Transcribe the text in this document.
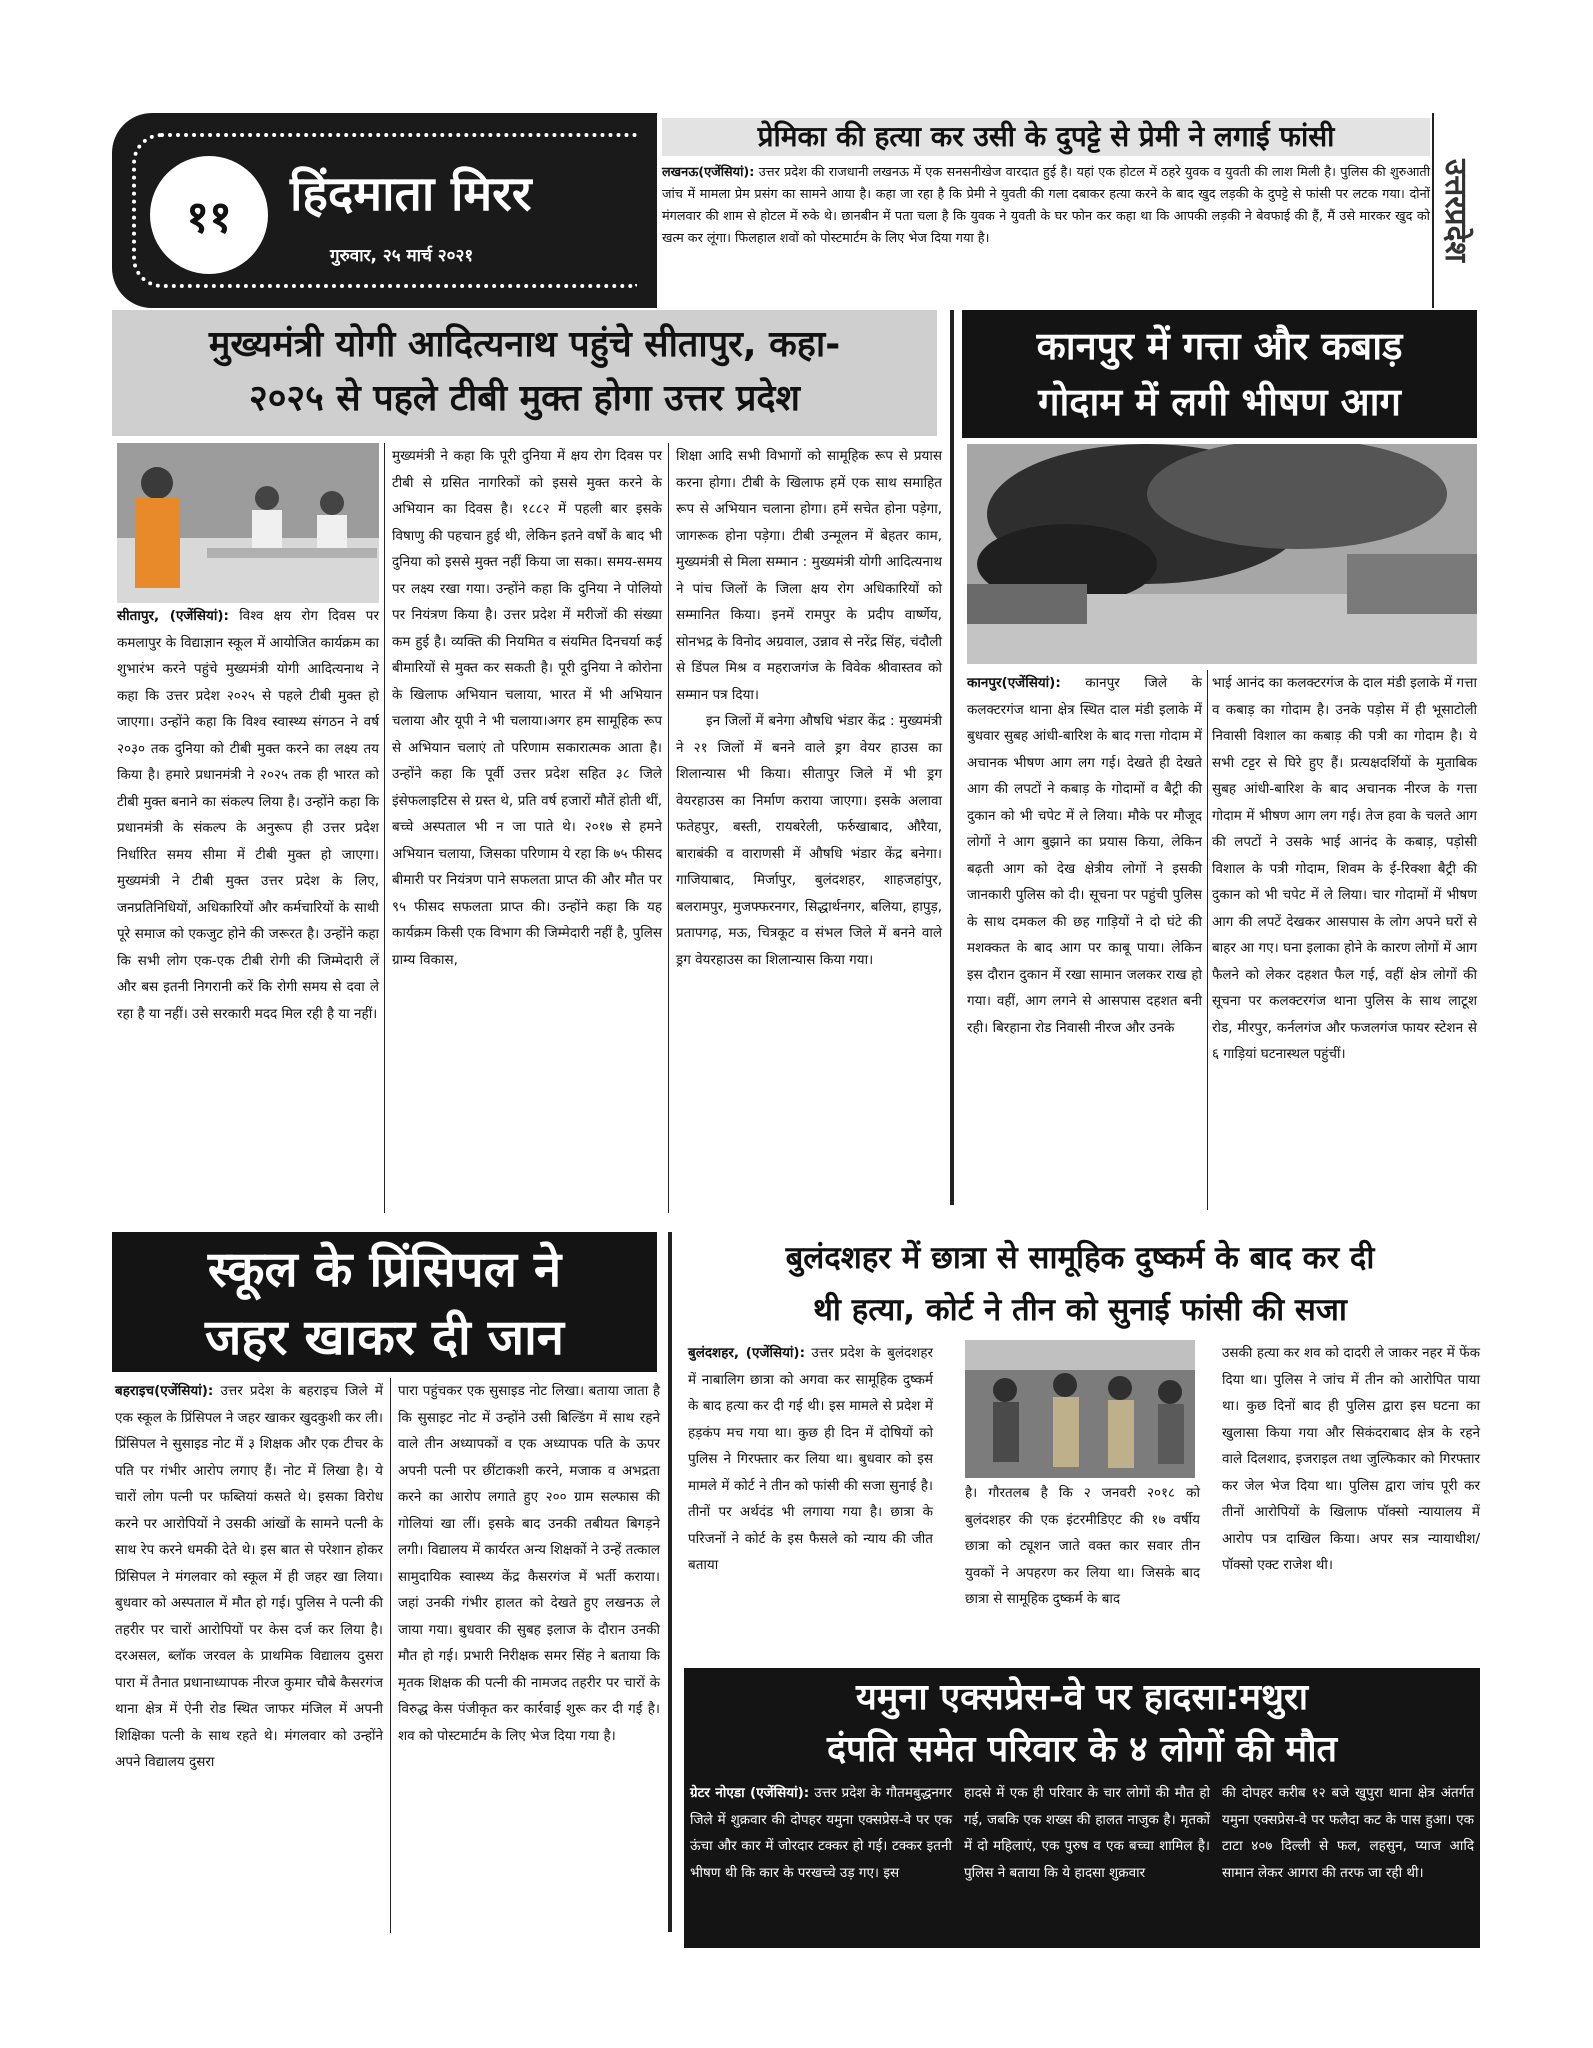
११	हिंदमाता मिरर
गुरुवार, २५ मार्च २०२१
प्रेमिका की हत्या कर उसी के दुपट्टे से प्रेमी ने लगाई फांसी
लखनऊ(एजेंसियां): उत्तर प्रदेश की राजधानी लखनऊ में एक सनसनीखेज वारदात हुई है। यहां एक होटल में ठहरे युवक व युवती की लाश मिली है। पुलिस की शुरुआती जांच में मामला प्रेम प्रसंग का सामने आया है। कहा जा रहा है कि प्रेमी ने युवती की गला दबाकर हत्या करने के बाद खुद लड़की के दुपट्टे से फांसी पर लटक गया। दोनों मंगलवार की शाम से होटल में रुके थे। छानबीन में पता चला है कि युवक ने युवती के घर फोन कर कहा था कि आपकी लड़की ने बेवफाई की हैं, मैं उसे मारकर खुद को खत्म कर लूंगा। फिलहाल शवों को पोस्टमार्टम के लिए भेज दिया गया है।	उत्तरप्रदेश
मुख्यमंत्री योगी आदित्यनाथ पहुंचे सीतापुर, कहा-
२०२५ से पहले टीबी मुक्त होगा उत्तर प्रदेश
सीतापुर, (एजेंसियां): विश्व क्षय रोग दिवस पर कमलापुर के विद्याज्ञान स्कूल में आयोजित कार्यक्रम का शुभारंभ करने पहुंचे मुख्यमंत्री योगी आदित्यनाथ ने कहा कि उत्तर प्रदेश २०२५ से पहले टीबी मुक्त हो जाएगा। उन्होंने कहा कि विश्व स्वास्थ्य संगठन ने वर्ष २०३० तक दुनिया को टीबी मुक्त करने का लक्ष्य तय किया है। हमारे प्रधानमंत्री ने २०२५ तक ही भारत को टीबी मुक्त बनाने का संकल्प लिया है। उन्होंने कहा कि प्रधानमंत्री के संकल्प के अनुरूप ही उत्तर प्रदेश निर्धारित समय सीमा में टीबी मुक्त हो जाएगा। मुख्यमंत्री ने टीबी मुक्त उत्तर प्रदेश के लिए, जनप्रतिनिधियों, अधिकारियों और कर्मचारियों के साथी पूरे समाज को एकजुट होने की जरूरत है। उन्होंने कहा कि सभी लोग एक-एक टीबी रोगी की जिम्मेदारी लें और बस इतनी निगरानी करें कि रोगी समय से दवा ले रहा है या नहीं। उसे सरकारी मदद मिल रही है या नहीं।
मुख्यमंत्री ने कहा कि पूरी दुनिया में क्षय रोग दिवस पर टीबी से ग्रसित नागरिकों को इससे मुक्त करने के अभियान का दिवस है। १८८२ में पहली बार इसके विषाणु की पहचान हुई थी, लेकिन इतने वर्षों के बाद भी दुनिया को इससे मुक्त नहीं किया जा सका। समय-समय पर लक्ष्य रखा गया। उन्होंने कहा कि दुनिया ने पोलियो पर नियंत्रण किया है। उत्तर प्रदेश में मरीजों की संख्या कम हुई है। व्यक्ति की नियमित व संयमित दिनचर्या कई बीमारियों से मुक्त कर सकती है। पूरी दुनिया ने कोरोना के खिलाफ अभियान चलाया, भारत में भी अभियान चलाया और यूपी ने भी चलाया।अगर हम सामूहिक रूप से अभियान चलाएं तो परिणाम सकारात्मक आता है। उन्होंने कहा कि पूर्वी उत्तर प्रदेश सहित ३८ जिले इंसेफलाइटिस से ग्रस्त थे, प्रति वर्ष हजारों मौतें होती थीं, बच्चे अस्पताल भी न जा पाते थे। २०१७ से हमने अभियान चलाया, जिसका परिणाम ये रहा कि ७५ फीसद बीमारी पर नियंत्रण पाने सफलता प्राप्त की और मौत पर ९५ फीसद सफलता प्राप्त की। उन्होंने कहा कि यह कार्यक्रम किसी एक विभाग की जिम्मेदारी नहीं है, पुलिस ग्राम्य विकास,
शिक्षा आदि सभी विभागों को सामूहिक रूप से प्रयास करना होगा। टीबी के खिलाफ हमें एक साथ समाहित रूप से अभियान चलाना होगा। हमें सचेत होना पड़ेगा, जागरूक होना पड़ेगा। टीबी उन्मूलन में बेहतर काम, मुख्यमंत्री से मिला सम्मान : मुख्यमंत्री योगी आदित्यनाथ ने पांच जिलों के जिला क्षय रोग अधिकारियों को सम्मानित किया। इनमें रामपुर के प्रदीप वार्ष्णेय, सोनभद्र के विनोद अग्रवाल, उन्नाव से नरेंद्र सिंह, चंदौली से डिंपल मिश्र व महराजगंज के विवेक श्रीवास्तव को सम्मान पत्र दिया।
इन जिलों में बनेगा औषधि भंडार केंद्र : मुख्यमंत्री ने २१ जिलों में बनने वाले ड्रग वेयर हाउस का शिलान्यास भी किया। सीतापुर जिले में भी ड्रग वेयरहाउस का निर्माण कराया जाएगा। इसके अलावा फतेहपुर, बस्ती, रायबरेली, फर्रुखाबाद, औरैया, बाराबंकी व वाराणसी में औषधि भंडार केंद्र बनेगा। गाजियाबाद, मिर्जापुर, बुलंदशहर, शाहजहांपुर, बलरामपुर, मुजफ्फरनगर, सिद्धार्थनगर, बलिया, हापुड़, प्रतापगढ़, मऊ, चित्रकूट व संभल जिले में बनने वाले ड्रग वेयरहाउस का शिलान्यास किया गया।
कानपुर में गत्ता और कबाड़
गोदाम में लगी भीषण आग
कानपुर(एजेंसियां): कानपुर जिले के कलक्टरगंज थाना क्षेत्र स्थित दाल मंडी इलाके में बुधवार सुबह आंधी-बारिश के बाद गत्ता गोदाम में अचानक भीषण आग लग गई। देखते ही देखते आग की लपटों ने कबाड़ के गोदामों व बैट्री की दुकान को भी चपेट में ले लिया। मौके पर मौजूद लोगों ने आग बुझाने का प्रयास किया, लेकिन बढ़ती आग को देख क्षेत्रीय लोगों ने इसकी जानकारी पुलिस को दी। सूचना पर पहुंची पुलिस के साथ दमकल की छह गाड़ियों ने दो घंटे की मशक्कत के बाद आग पर काबू पाया। लेकिन इस दौरान दुकान में रखा सामान जलकर राख हो गया। वहीं, आग लगने से आसपास दहशत बनी रही। बिरहाना रोड निवासी नीरज और उनके
भाई आनंद का कलक्टरगंज के दाल मंडी इलाके में गत्ता व कबाड़ का गोदाम है। उनके पड़ोस में ही भूसाटोली निवासी विशाल का कबाड़ की पत्री का गोदाम है। ये सभी टट्टर से घिरे हुए हैं। प्रत्यक्षदर्शियों के मुताबिक सुबह आंधी-बारिश के बाद अचानक नीरज के गत्ता गोदाम में भीषण आग लग गई। तेज हवा के चलते आग की लपटों ने उसके भाई आनंद के कबाड़, पड़ोसी विशाल के पत्री गोदाम, शिवम के ई-रिक्शा बैट्री की दुकान को भी चपेट में ले लिया। चार गोदामों में भीषण आग की लपटें देखकर आसपास के लोग अपने घरों से बाहर आ गए। घना इलाका होने के कारण लोगों में आग फैलने को लेकर दहशत फैल गई, वहीं क्षेत्र लोगों की सूचना पर कलक्टरगंज थाना पुलिस के साथ लाटूश रोड, मीरपुर, कर्नलगंज और फजलगंज फायर स्टेशन से ६ गाड़ियां घटनास्थल पहुंचीं।
स्कूल के प्रिंसिपल ने
जहर खाकर दी जान
बहराइच(एजेंसियां): उत्तर प्रदेश के बहराइच जिले में एक स्कूल के प्रिंसिपल ने जहर खाकर खुदकुशी कर ली। प्रिंसिपल ने सुसाइड नोट में ३ शिक्षक और एक टीचर के पति पर गंभीर आरोप लगाए हैं। नोट में लिखा है। ये चारों लोग पत्नी पर फब्तियां कसते थे। इसका विरोध करने पर आरोपियों ने उसकी आंखों के सामने पत्नी के साथ रेप करने धमकी देते थे। इस बात से परेशान होकर प्रिंसिपल ने मंगलवार को स्कूल में ही जहर खा लिया। बुधवार को अस्पताल में मौत हो गई। पुलिस ने पत्नी की तहरीर पर चारों आरोपियों पर केस दर्ज कर लिया है। दरअसल, ब्लॉक जरवल के प्राथमिक विद्यालय दुसरा पारा में तैनात प्रधानाध्यापक नीरज कुमार चौबे कैसरगंज थाना क्षेत्र में ऐनी रोड स्थित जाफर मंजिल में अपनी शिक्षिका पत्नी के साथ रहते थे। मंगलवार को उन्होंने अपने विद्यालय दुसरा
पारा पहुंचकर एक सुसाइड नोट लिखा। बताया जाता है कि सुसाइट नोट में उन्होंने उसी बिल्डिंग में साथ रहने वाले तीन अध्यापकों व एक अध्यापक पति के ऊपर अपनी पत्नी पर छींटाकशी करने, मजाक व अभद्रता करने का आरोप लगाते हुए २०० ग्राम सल्फास की गोलियां खा लीं। इसके बाद उनकी तबीयत बिगड़ने लगी। विद्यालय में कार्यरत अन्य शिक्षकों ने उन्हें तत्काल सामुदायिक स्वास्थ्य केंद्र कैसरगंज में भर्ती कराया। जहां उनकी गंभीर हालत को देखते हुए लखनऊ ले जाया गया। बुधवार की सुबह इलाज के दौरान उनकी मौत हो गई। प्रभारी निरीक्षक समर सिंह ने बताया कि मृतक शिक्षक की पत्नी की नामजद तहरीर पर चारों के विरुद्ध केस पंजीकृत कर कार्रवाई शुरू कर दी गई है। शव को पोस्टमार्टम के लिए भेज दिया गया है।
बुलंदशहर में छात्रा से सामूहिक दुष्कर्म के बाद कर दी
थी हत्या, कोर्ट ने तीन को सुनाई फांसी की सजा
बुलंदशहर, (एजेंसियां): उत्तर प्रदेश के बुलंदशहर में नाबालिग छात्रा को अगवा कर सामूहिक दुष्कर्म के बाद हत्या कर दी गई थी। इस मामले से प्रदेश में हड़कंप मच गया था। कुछ ही दिन में दोषियों को पुलिस ने गिरफ्तार कर लिया था। बुधवार को इस मामले में कोर्ट ने तीन को फांसी की सजा सुनाई है। तीनों पर अर्थदंड भी लगाया गया है। छात्रा के परिजनों ने कोर्ट के इस फैसले को न्याय की जीत बताया
है। गौरतलब है कि २ जनवरी २०१८ को बुलंदशहर की एक इंटरमीडिएट की १७ वर्षीय छात्रा को ट्यूशन जाते वक्त कार सवार तीन युवकों ने अपहरण कर लिया था। जिसके बाद छात्रा से सामूहिक दुष्कर्म के बाद
उसकी हत्या कर शव को दादरी ले जाकर नहर में फेंक दिया था। पुलिस ने जांच में तीन को आरोपित पाया था। कुछ दिनों बाद ही पुलिस द्वारा इस घटना का खुलासा किया गया और सिकंदराबाद क्षेत्र के रहने वाले दिलशाद, इजराइल तथा जुल्फिकार को गिरफ्तार कर जेल भेज दिया था। पुलिस द्वारा जांच पूरी कर तीनों आरोपियों के खिलाफ पॉक्सो न्यायालय में आरोप पत्र दाखिल किया। अपर सत्र न्यायाधीश/पॉक्सो एक्ट राजेश थी।
यमुना एक्सप्रेस-वे पर हादसा:मथुरा
दंपति समेत परिवार के ४ लोगों की मौत
ग्रेटर नोएडा (एजेंसियां): उत्तर प्रदेश के गौतमबुद्धनगर जिले में शुक्रवार की दोपहर यमुना एक्सप्रेस-वे पर एक ऊंचा और कार में जोरदार टक्कर हो गई। टक्कर इतनी भीषण थी कि कार के परखच्चे उड़ गए। इस
हादसे में एक ही परिवार के चार लोगों की मौत हो गई, जबकि एक शख्स की हालत नाजुक है। मृतकों में दो महिलाएं, एक पुरुष व एक बच्चा शामिल है। पुलिस ने बताया कि ये हादसा शुक्रवार
की दोपहर करीब १२ बजे खुपुरा थाना क्षेत्र अंतर्गत यमुना एक्सप्रेस-वे पर फलैदा कट के पास हुआ। एक टाटा ४०७ दिल्ली से फल, लहसुन, प्याज आदि सामान लेकर आगरा की तरफ जा रही थी।
